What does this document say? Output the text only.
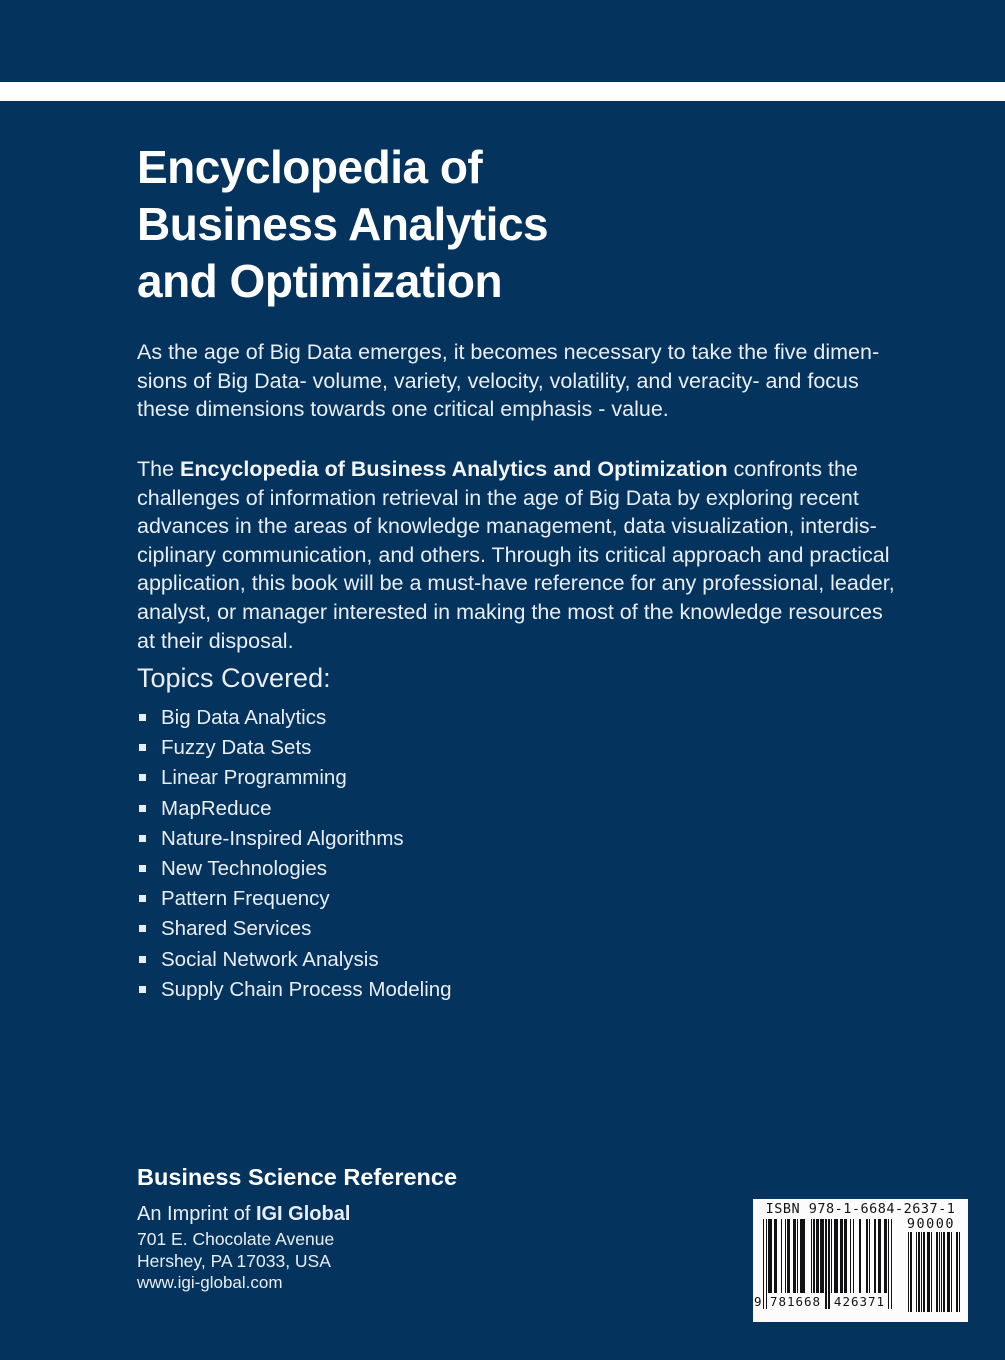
Encyclopedia of
Business Analytics
and Optimization
As the age of Big Data emerges, it becomes necessary to take the five dimen-
sions of Big Data- volume, variety, velocity, volatility, and veracity- and focus
these dimensions towards one critical emphasis - value.
The Encyclopedia of Business Analytics and Optimization confronts the
challenges of information retrieval in the age of Big Data by exploring recent
advances in the areas of knowledge management, data visualization, interdis-
ciplinary communication, and others. Through its critical approach and practical
application, this book will be a must-have reference for any professional, leader,
analyst, or manager interested in making the most of the knowledge resources
at their disposal.
Topics Covered:
Big Data Analytics
Fuzzy Data Sets
Linear Programming
MapReduce
Nature-Inspired Algorithms
New Technologies
Pattern Frequency
Shared Services
Social Network Analysis
Supply Chain Process Modeling
Business Science Reference
An Imprint of IGI Global
701 E. Chocolate Avenue
Hershey, PA 17033, USA
www.igi-global.com
ISBN 978-1-6684-2637-1
90000
9 781668 426371
